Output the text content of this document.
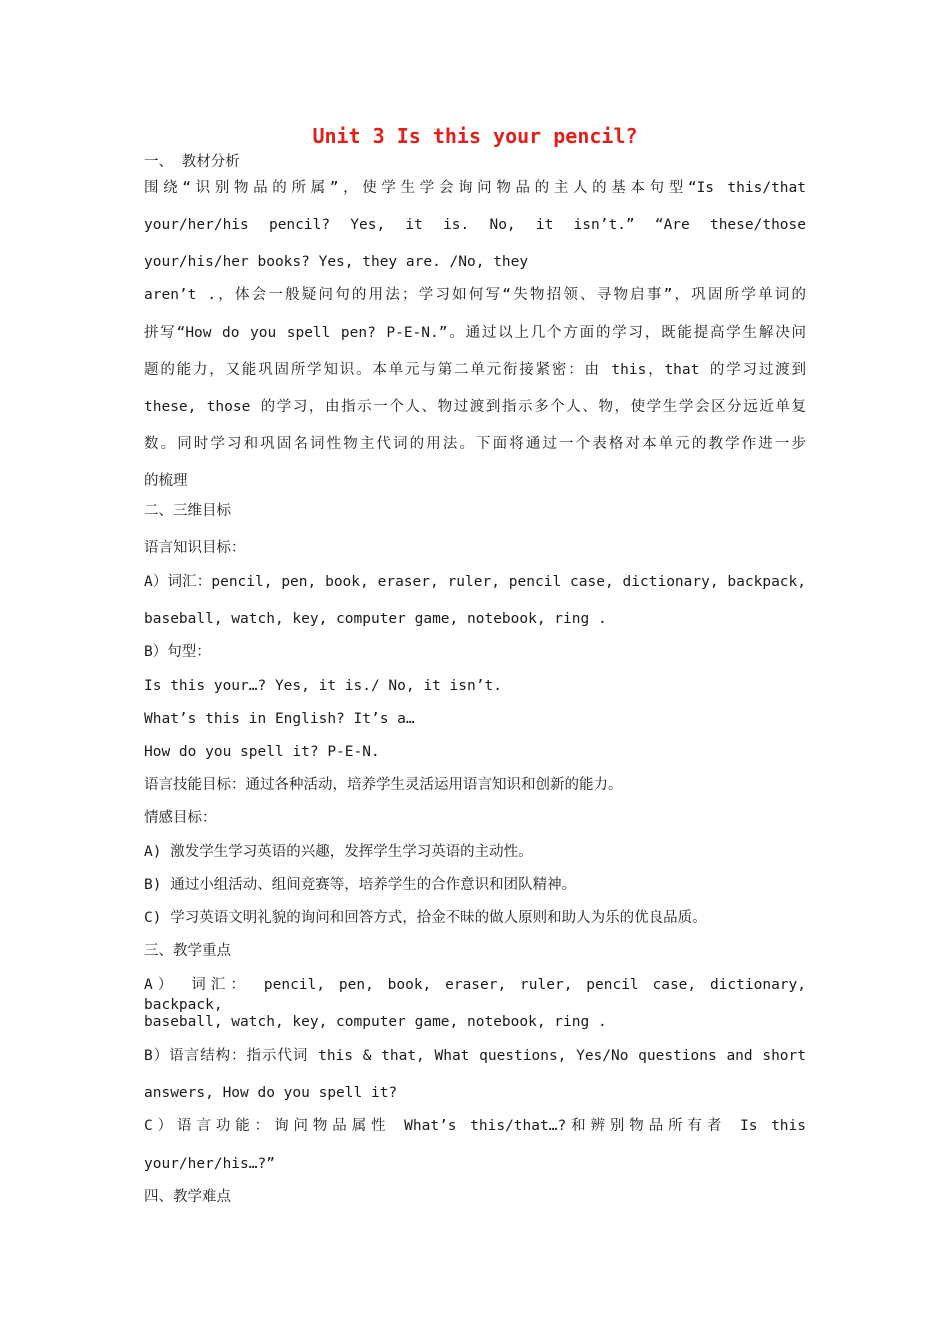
Unit 3 Is this your pencil?
一、 教材分析
围绕“识别物品的所属”，使学生学会询问物品的主人的基本句型“Is this/that
your/her/his pencil? Yes, it is. No, it isn’t.” “Are these/those
your/his/her books? Yes, they are. /No, they
aren’t .，体会一般疑问句的用法；学习如何写“失物招领、寻物启事”，巩固所学单词的
拼写“How do you spell pen? P-E-N.”。通过以上几个方面的学习，既能提高学生解决问
题的能力，又能巩固所学知识。本单元与第二单元衔接紧密：由 this，that 的学习过渡到
these, those 的学习，由指示一个人、物过渡到指示多个人、物，使学生学会区分远近单复
数。同时学习和巩固名词性物主代词的用法。下面将通过一个表格对本单元的教学作进一步
的梳理
二、三维目标
语言知识目标：
A）词汇：pencil, pen, book, eraser, ruler, pencil case, dictionary, backpack,
baseball, watch, key, computer game, notebook, ring .
B）句型：
Is this your…? Yes, it is./ No, it isn’t.
What’s this in English? It’s a…
How do you spell it? P-E-N.
语言技能目标：通过各种活动，培养学生灵活运用语言知识和创新的能力。
情感目标：
A) 激发学生学习英语的兴趣，发挥学生学习英语的主动性。
B) 通过小组活动、组间竞赛等，培养学生的合作意识和团队精神。
C) 学习英语文明礼貌的询问和回答方式，拾金不昧的做人原则和助人为乐的优良品质。
三、教学重点
A） 词汇： pencil, pen, book, eraser, ruler, pencil case, dictionary, backpack,
baseball, watch, key, computer game, notebook, ring .
B）语言结构：指示代词 this & that, What questions, Yes/No questions and short
answers, How do you spell it?
C）语言功能：询问物品属性 What’s this/that…?和辨别物品所有者 Is this
your/her/his…?”
四、教学难点
